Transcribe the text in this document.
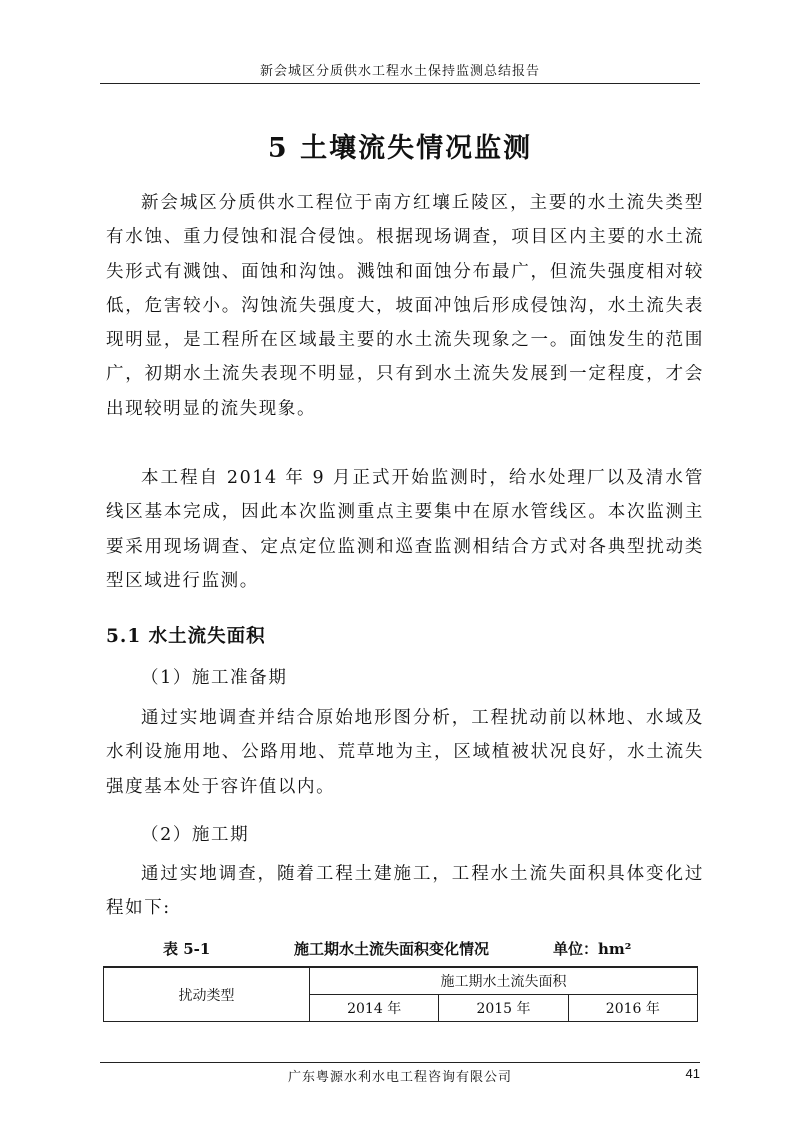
新会城区分质供水工程水土保持监测总结报告
5 土壤流失情况监测

新会城区分质供水工程位于南方红壤丘陵区，主要的水土流失类型有水蚀、重力侵蚀和混合侵蚀。根据现场调查，项目区内主要的水土流失形式有溅蚀、面蚀和沟蚀。溅蚀和面蚀分布最广，但流失强度相对较低，危害较小。沟蚀流失强度大，坡面冲蚀后形成侵蚀沟，水土流失表现明显，是工程所在区域最主要的水土流失现象之一。面蚀发生的范围广，初期水土流失表现不明显，只有到水土流失发展到一定程度，才会出现较明显的流失现象。

本工程自 2014 年 9 月正式开始监测时，给水处理厂以及清水管线区基本完成，因此本次监测重点主要集中在原水管线区。本次监测主要采用现场调查、定点定位监测和巡查监测相结合方式对各典型扰动类型区域进行监测。

5.1 水土流失面积
（1）施工准备期

通过实地调查并结合原始地形图分析，工程扰动前以林地、水域及水利设施用地、公路用地、荒草地为主，区域植被状况良好，水土流失强度基本处于容许值以内。

（2）施工期

通过实地调查，随着工程土建施工，工程水土流失面积具体变化过程如下:

表 5-1	施工期水土流失面积变化情况	单位：hm²
扰动类型	施工期水土流失面积		
	2014 年	2015 年	2016 年
广东粤源水利水电工程咨询有限公司	41
